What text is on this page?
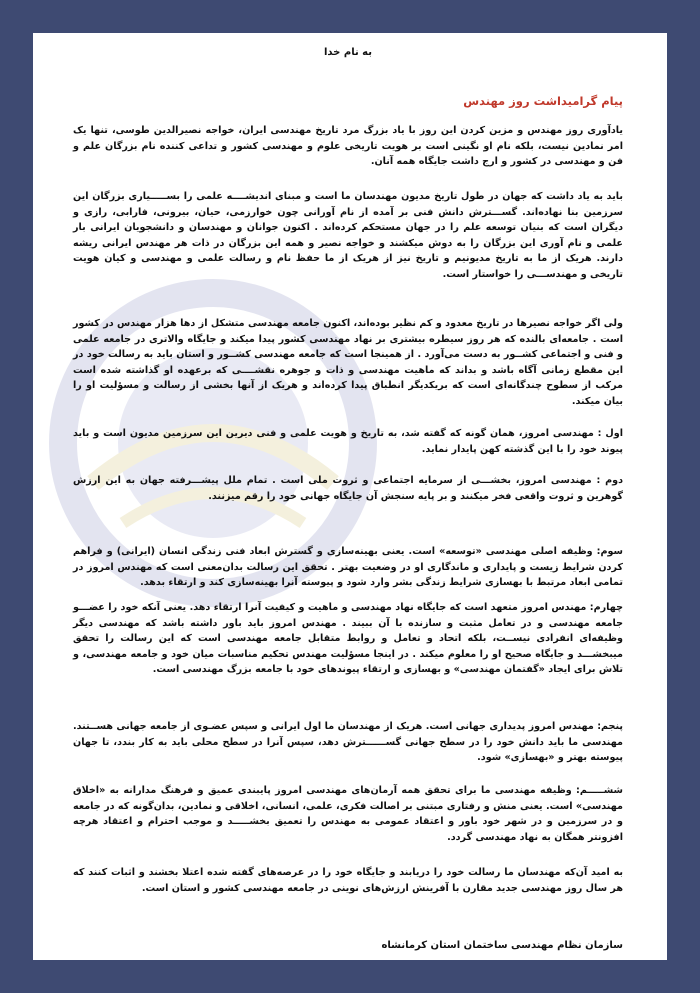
به نام خدا
پیام گرامیداشت روز مهندس

یادآوری روز مهندس و مزین کردن این روز با یاد بزرگ مرد تاریخ مهندسی ایران، خواجه نصیرالدین طوسی، تنها یک امر نمادین نیست، بلکه نام او نگینی است بر هویت تاریخی علوم و مهندسی کشور و تداعی کننده نام بزرگان علم و فن و مهندسی در کشور و ارج داشت جایگاه همه آنان.

باید به یاد داشت که جهان در طول تاریخ مدیون مهندسان ما است و مبنای اندیشــــه علمی را بســـــیاری بزرگان این سرزمین بنا نهاده‌اند. گســـترش دانش فنی بر آمده از نام آورانی چون خوارزمی، حیان، بیرونی، فارابی، رازی و دیگران است که بنیان توسعه علم را در جهان مستحکم کرده‌اند . اکنون جوانان و مهندسان و دانشجویان ایرانی بار علمی و نام آوری این بزرگان را به دوش میکشند و خواجه نصیر و همه این بزرگان در ذات هر مهندس ایرانی ریشه دارند. هریک از ما به تاریخ مدیونیم و تاریخ نیز از هریک از ما حفظ نام و رسالت علمی و مهندسی و کیان هویت تاریخی و مهندســـی را خواستار است.

ولی اگر خواجه نصیرها در تاریخ معدود و کم نظیر بوده‌اند، اکنون جامعه مهندسی متشکل از دها هزار مهندس در کشور است . جامعه‌ای بالنده که هر روز سیطره بیشتری بر نهاد مهندسی کشور پیدا میکند و جایگاه والاتری در جامعه علمی و فنی و اجتماعی کشــور به دست می‌آورد . از همینجا است که جامعه مهندسی کشــور و استان باید به رسالت خود در این مقطع زمانی آگاه باشد و بداند که ماهیت مهندسی و ذات و جوهره نقشــــی که برعهده او گذاشته شده است مرکب از سطوح چندگانه‌ای است که بریکدیگر انطباق پیدا کرده‌اند و هریک از آنها بخشی از رسالت و مسؤلیت او را بیان میکند.

اول : مهندسی امروز، همان گونه که گفته شد، به تاریخ و هویت علمی و فنی دیرین این سرزمین مدیون است و باید پیوند خود را با این گذشته کهن پایدار نماید.

دوم : مهندسی امروز، بخشـــی از سرمایه اجتماعی و ثروت ملی است . تمام ملل پیشـــرفته جهان به این ارزش گوهرین و ثروت واقعی فخر میکنند و بر پایه سنجش آن جایگاه جهانی خود را رقم میزنند.

سوم: وظیفه اصلی مهندسی «توسعه» است. یعنی بهینه‌سازی و گسترش ابعاد فنی زندگی انسان (ایرانی) و فراهم کردن شرایط زیست و پایداری و ماندگاری او در وضعیت بهتر . تحقق این رسالت بدان‌معنی است که مهندس امروز در تمامی ابعاد مرتبط با بهسازی شرایط زندگی بشر وارد شود و پیوسته آنرا بهینه‌سازی کند و ارتقاء بدهد.

چهارم: مهندس امروز متعهد است که جایگاه نهاد مهندسی و ماهیت و کیفیت آنرا ارتقاء دهد. یعنی آنکه خود را عضـــو جامعه مهندسی و در تعامل مثبت و سازنده با آن ببیند . مهندس امروز باید باور داشته باشد که مهندسی دیگر وظیفه‌ای انفرادی نیســت، بلکه اتحاد و تعامل و روابط متقابل جامعه مهندسی است که این رسالت را تحقق میبخشـــد و جایگاه صحیح او را معلوم میکند . در اینجا مسؤلیت مهندس تحکیم مناسبات میان خود و جامعه مهندسی، و تلاش برای ایجاد «گفتمان مهندسی» و بهسازی و ارتقاء پیوندهای خود با جامعه بزرگ مهندسی است.

پنجم: مهندس امروز پدیداری جهانی است. هریک از مهندسان ما اول ایرانی و سپس عضـوی از جامعه جهانی هســتند. مهندسی ما باید دانش خود را در سطح جهانی گســــــترش دهد، سپس آنرا در سطح محلی باید به کار بندد، تا جهان پیوسته بهتر و «بهسازی» شود.

ششـــــم: وظیفه مهندسی ما برای تحقق همه آرمان‌های مهندسی امروز پایبندی عمیق و فرهنگ مدارانه به «اخلاق مهندسی» است. یعنی منش و رفتاری مبتنی بر اصالت فکری، علمی، انسانی، اخلاقی و نمادین، بدان‌گونه که در جامعه و در سرزمین و در شهر خود باور و اعتقاد عمومی به مهندس را تعمیق بخشـــــد و موجب احترام و اعتقاد هرچه افزونتر همگان به نهاد مهندسی گردد.

به امید آن‌که مهندسان ما رسالت خود را دریابند و جایگاه خود را در عرصه‌های گفته شده اعتلا بخشند و اثبات کنند که هر سال روز مهندسی جدید مقارن با آفرینش ارزش‌های نوینی در جامعه مهندسی کشور و استان است.

سازمان نظام مهندسی ساختمان استان کرمانشاه
